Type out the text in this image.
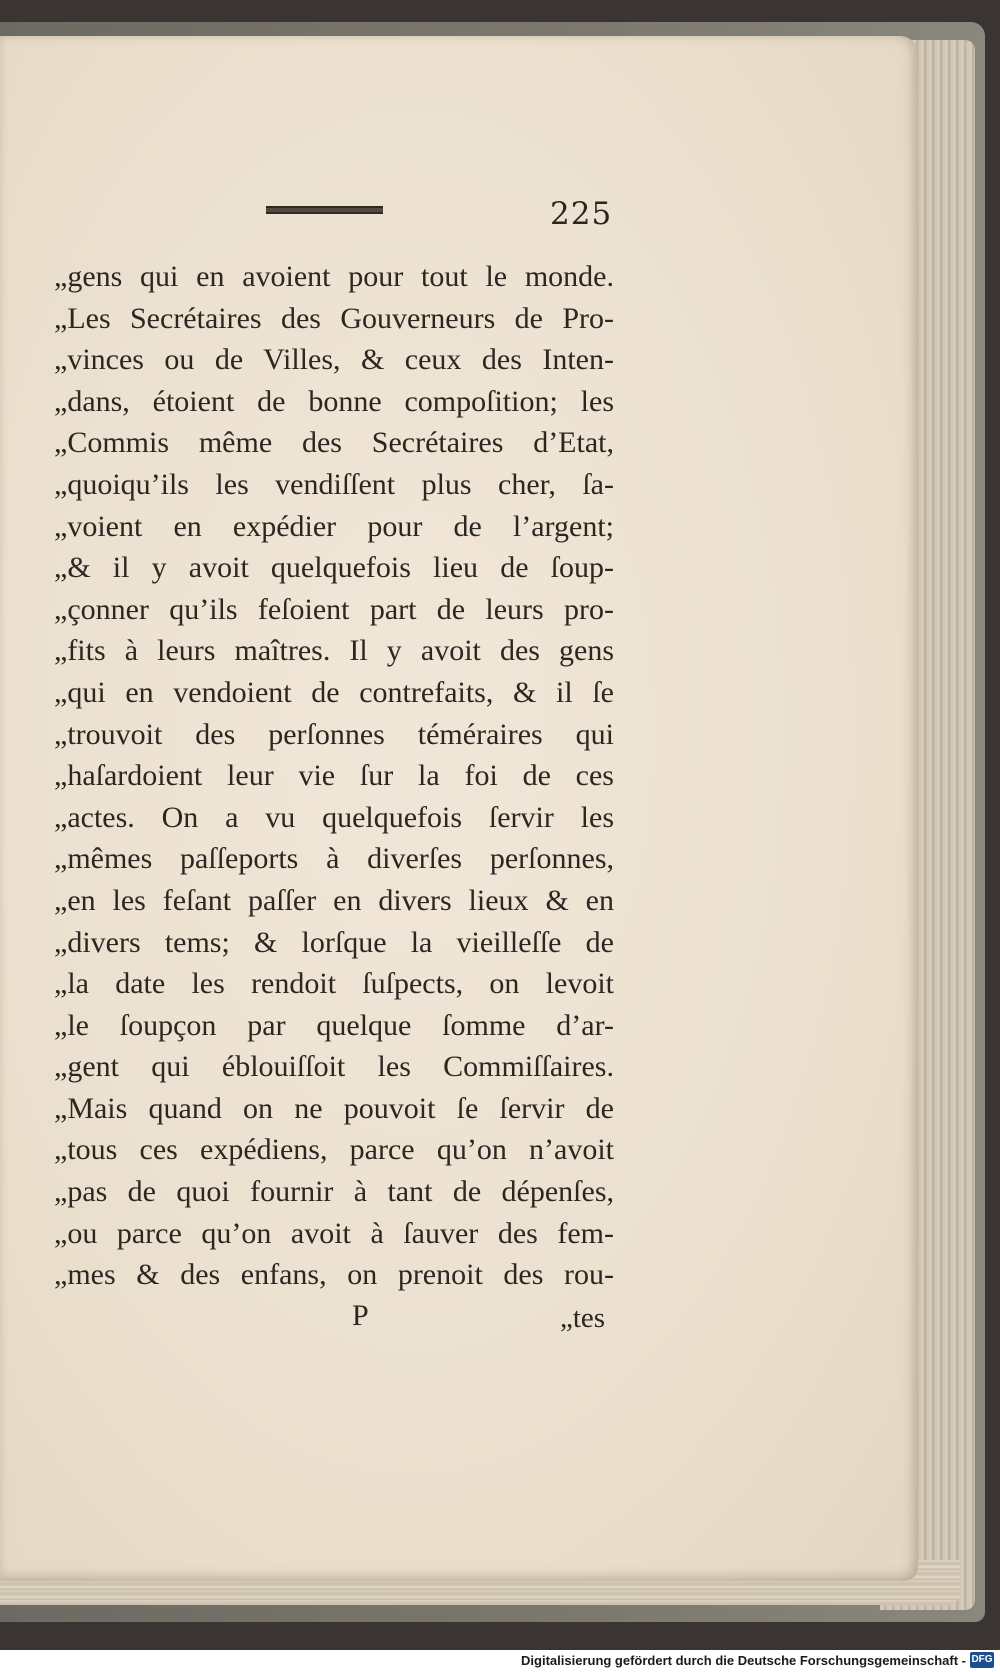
225
„gens qui en avoient pour tout le monde.
„Les Secrétaires des Gouverneurs de Pro-
„vinces ou de Villes, & ceux des Inten-
„dans, étoient de bonne compoſition; les
„Commis même des Secrétaires d’Etat,
„quoiqu’ils les vendiſſent plus cher, ſa-
„voient en expédier pour de l’argent;
„& il y avoit quelquefois lieu de ſoup-
„çonner qu’ils feſoient part de leurs pro-
„fits à leurs maîtres. Il y avoit des gens
„qui en vendoient de contrefaits, & il ſe
„trouvoit des perſonnes téméraires qui
„haſardoient leur vie ſur la foi de ces
„actes. On a vu quelquefois ſervir les
„mêmes paſſeports à diverſes perſonnes,
„en les feſant paſſer en divers lieux & en
„divers tems; & lorſque la vieilleſſe de
„la date les rendoit ſuſpects, on levoit
„le ſoupçon par quelque ſomme d’ar-
„gent qui éblouiſſoit les Commiſſaires.
„Mais quand on ne pouvoit ſe ſervir de
„tous ces expédiens, parce qu’on n’avoit
„pas de quoi fournir à tant de dépenſes,
„ou parce qu’on avoit à ſauver des fem-
„mes & des enfans, on prenoit des rou-
P	„tes
Digitalisierung gefördert durch die Deutsche Forschungsgemeinschaft - DFG
